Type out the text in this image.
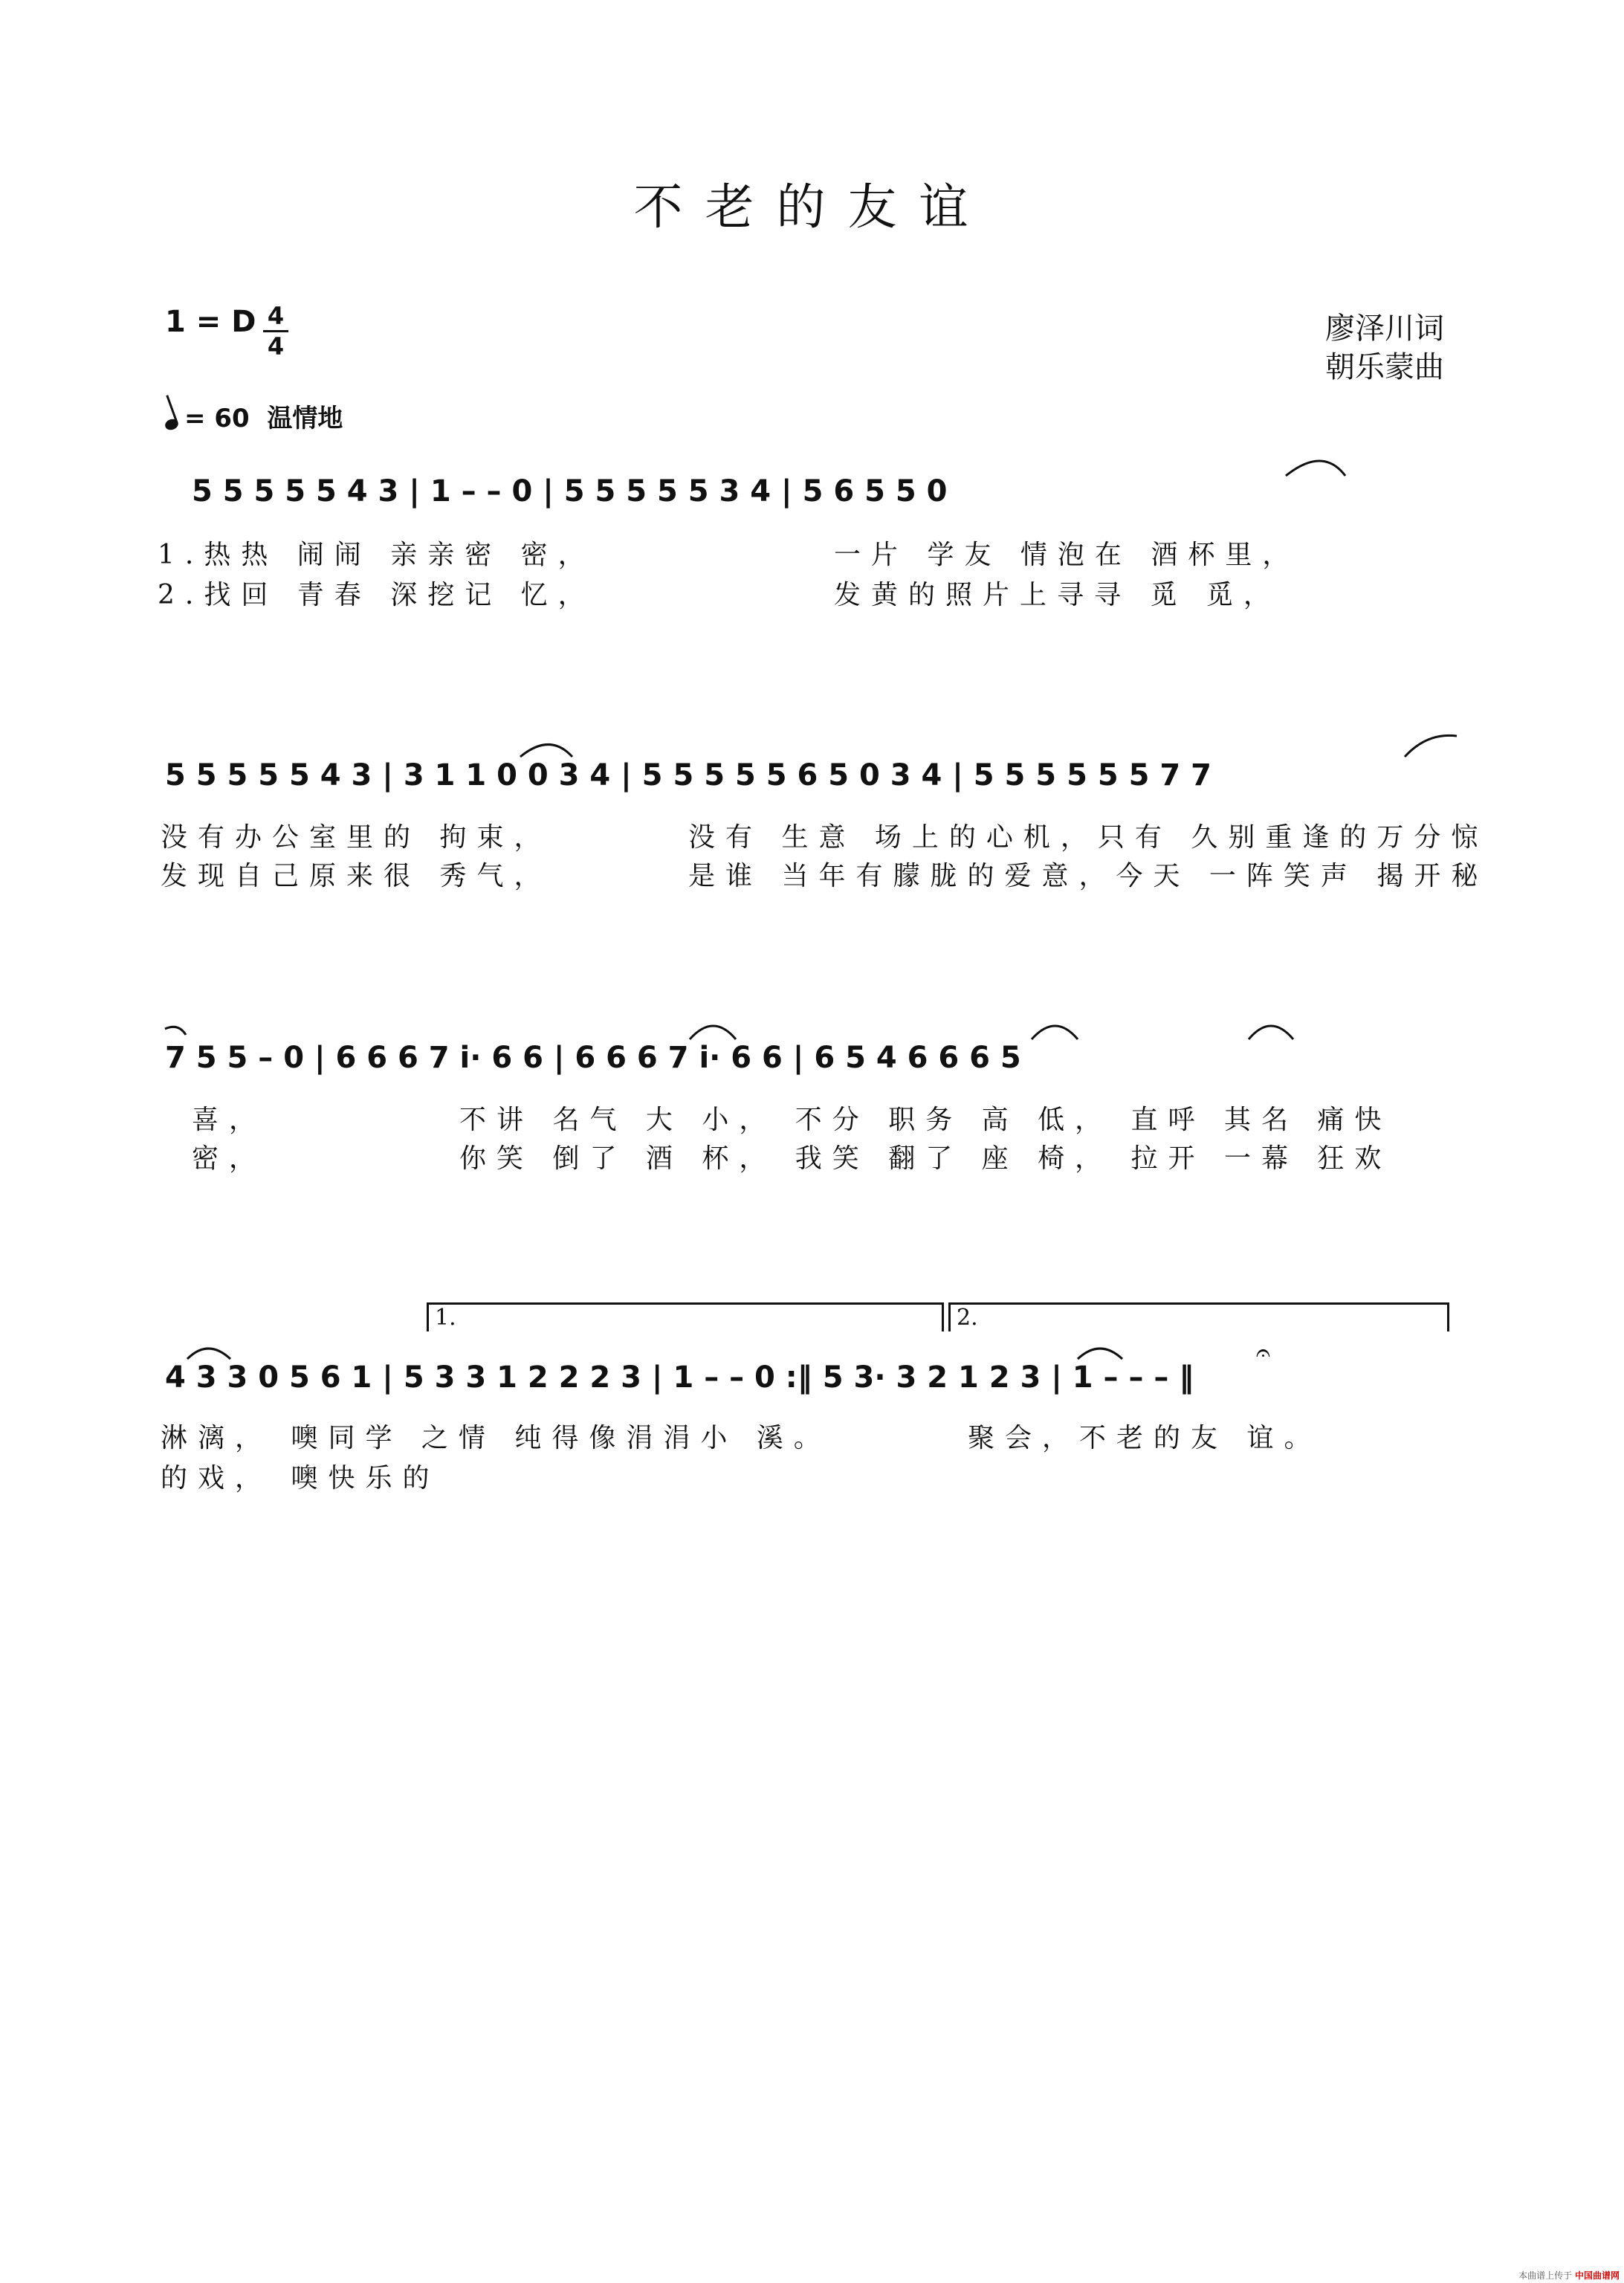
不老的友谊
1 = D 4
4
廖泽川词
朝乐蒙曲
= 60 温情地
5 5 5 5 5 4 3 | 1 – – 0 | 5 5 5 5 5 3 4 | 5 6 5 5 0
1.热热 闹闹 亲亲密 密，	一片 学友 情泡在 酒杯里，
2.找回 青春 深挖记 忆，	发黄的照片上寻寻 觅 觅，
5 5 5 5 5 4 3 | 3 1 1 0 0 3 4 | 5 5 5 5 5 6 5 0 3 4 | 5 5 5 5 5 5 7 7
没有办公室里的 拘束，	没有 生意 场上的心机，只有 久别重逢的万分惊
发现自己原来很 秀气，	是谁 当年有朦胧的爱意，今天 一阵笑声 揭开秘
7 5 5 – 0 | 6 6 6 7 i· 6 6 | 6 6 6 7 i· 6 6 | 6 5 4 6 6 6 5
喜，	不讲 名气 大 小， 不分 职务 高 低， 直呼 其名 痛快
密，	你笑 倒了 酒 杯， 我笑 翻了 座 椅， 拉开 一幕 狂欢
4 3 3 0 5 6 1 | 5 3 3 1 2 2 2 3 | 1 – – 0 :‖ 5 3· 3 2 1 2 3 | 1 – – – ‖
淋漓， 噢同学 之情 纯得像涓涓小 溪。	聚会，不老的友 谊。
的戏， 噢快乐的
1.	2.
𝄐
本曲谱上传于 中国曲谱网
